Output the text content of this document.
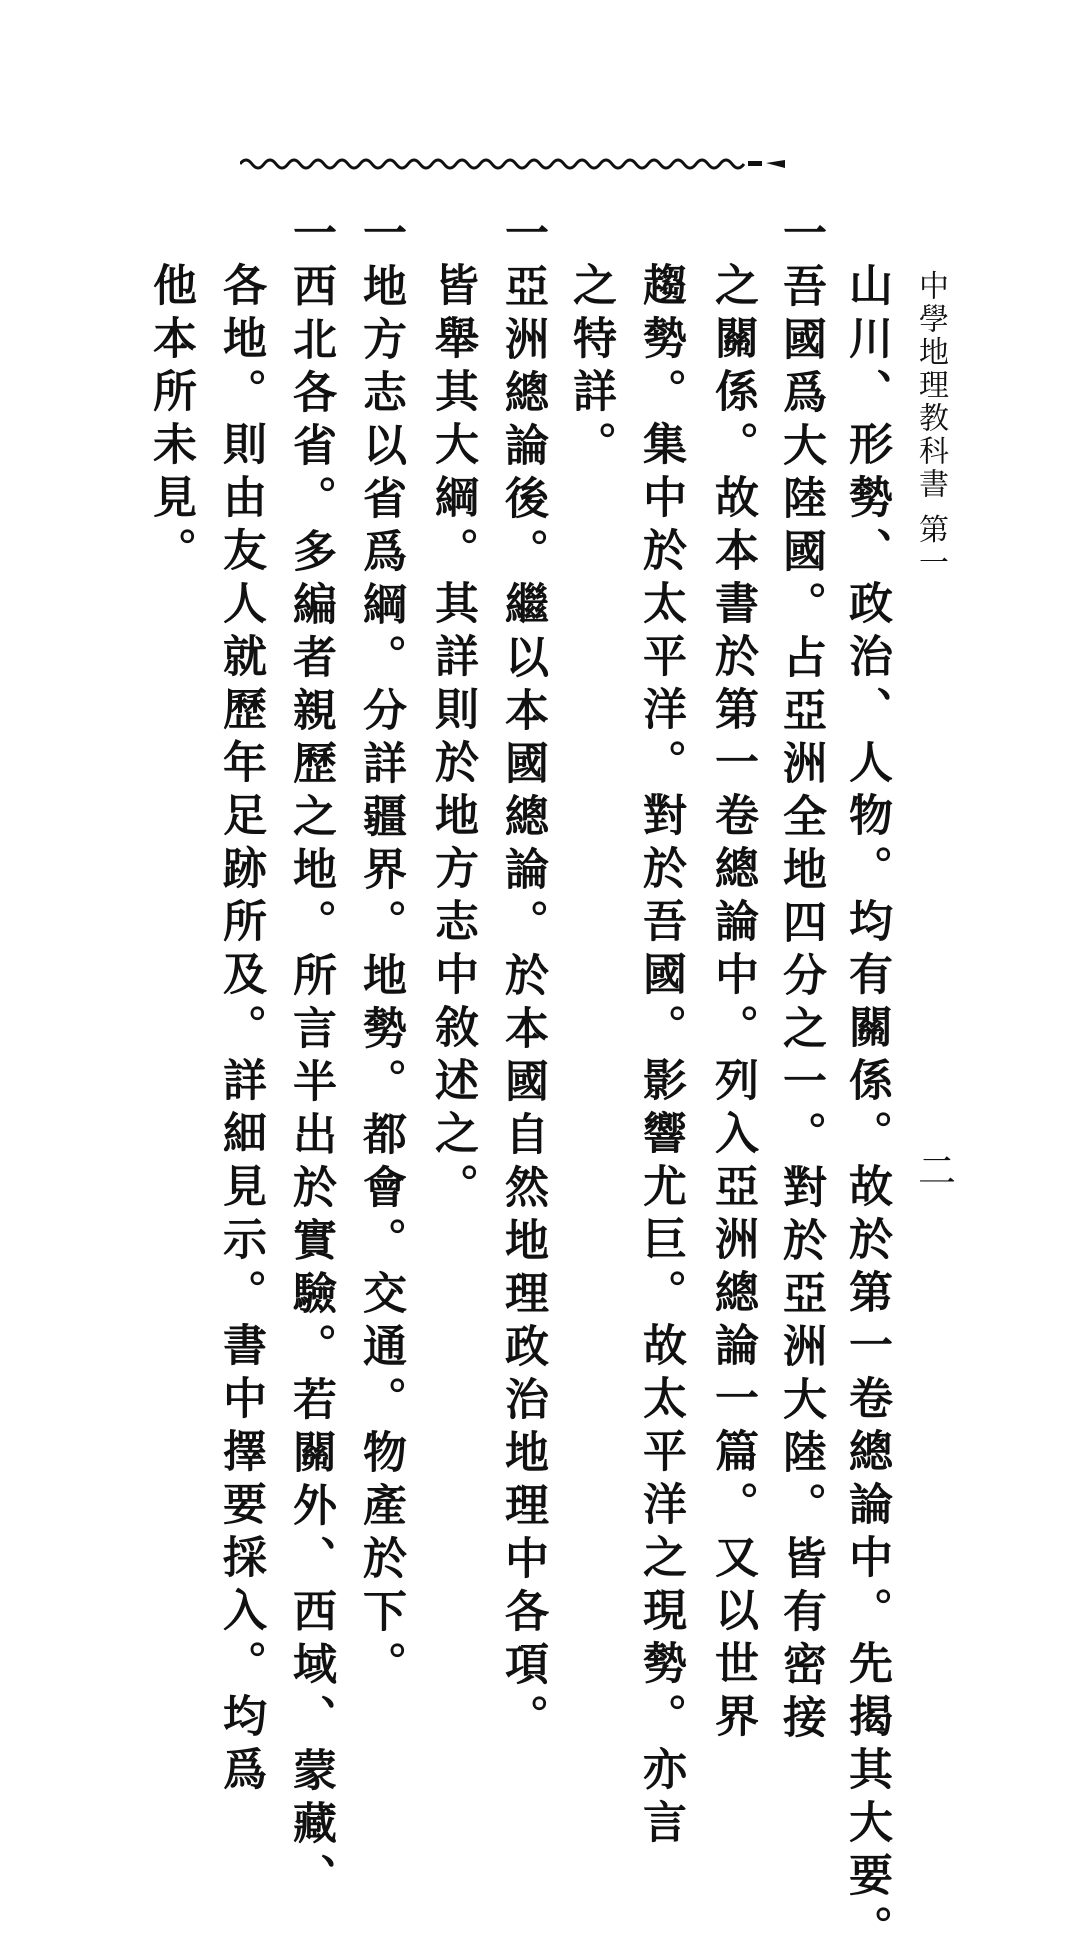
中學地理教科書 第一
二
山川、形勢、政治、人物。均有關係。故於第一卷總論中。先揭其大要。
一吾國爲大陸國。占亞洲全地四分之一。對於亞洲大陸。皆有密接
之關係。故本書於第一卷總論中。列入亞洲總論一篇。又以世界
趨勢。集中於太平洋。對於吾國。影響尤巨。故太平洋之現勢。亦言
之特詳。
一亞洲總論後。繼以本國總論。於本國自然地理政治地理中各項。
皆舉其大綱。其詳則於地方志中敘述之。
一地方志以省爲綱。分詳疆界。地勢。都會。交通。物產於下。
一西北各省。多編者親歷之地。所言半出於實驗。若關外、西域、蒙藏、
各地。則由友人就歷年足跡所及。詳細見示。書中擇要採入。均爲
他本所未見。
